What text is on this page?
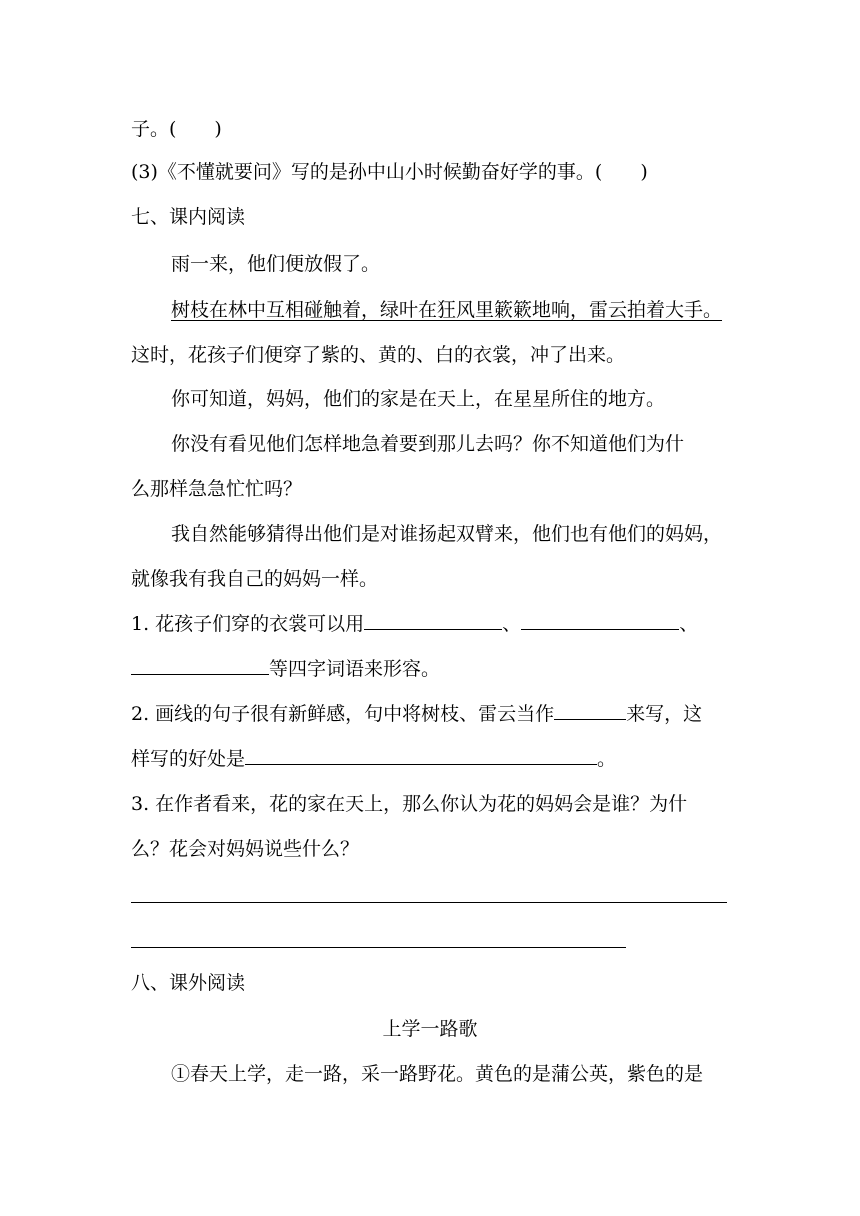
子。(　　)
(3)《不懂就要问》写的是孙中山小时候勤奋好学的事。(　　)
七、课内阅读
雨一来，他们便放假了。
树枝在林中互相碰触着，绿叶在狂风里簌簌地响，雷云拍着大手。
这时，花孩子们便穿了紫的、黄的、白的衣裳，冲了出来。
你可知道，妈妈，他们的家是在天上，在星星所住的地方。
你没有看见他们怎样地急着要到那儿去吗？你不知道他们为什
么那样急急忙忙吗？
我自然能够猜得出他们是对谁扬起双臂来，他们也有他们的妈妈，
就像我有我自己的妈妈一样。
1. 花孩子们穿的衣裳可以用	、	、
等四字词语来形容。
2. 画线的句子很有新鲜感，句中将树枝、雷云当作	来写，这
样写的好处是	。
3. 在作者看来，花的家在天上，那么你认为花的妈妈会是谁？为什
么？花会对妈妈说些什么？
八、课外阅读
上学一路歌
①春天上学，走一路，采一路野花。黄色的是蒲公英，紫色的是
